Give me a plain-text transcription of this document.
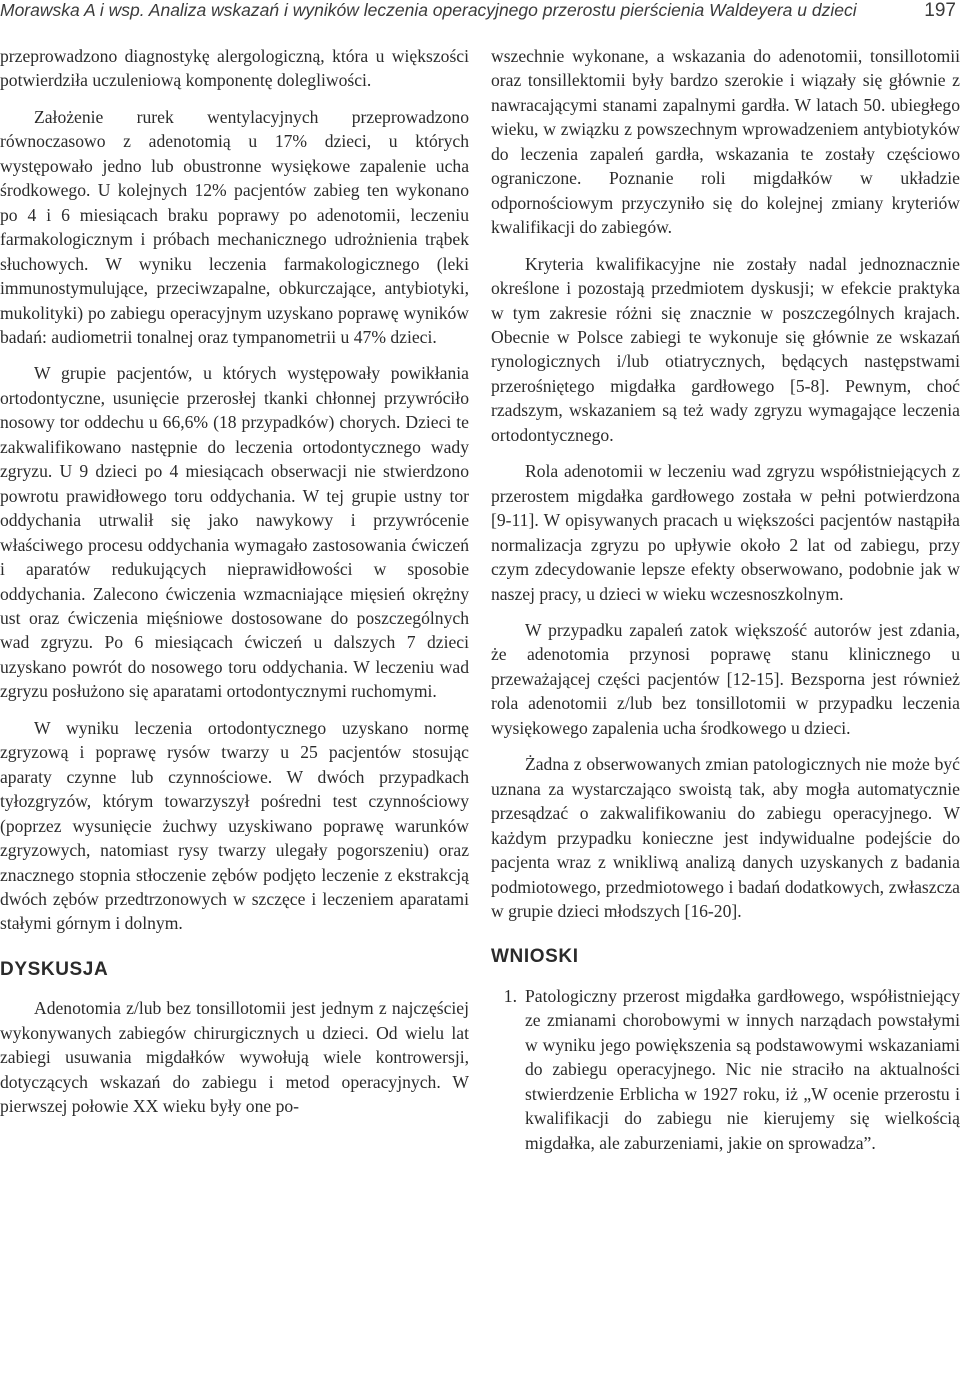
Morawska A i wsp. Analiza wskazań i wyników leczenia operacyjnego przerostu pierścienia Waldeyera u dzieci	197

przeprowadzono diagnostykę alergologiczną, która u większości potwierdziła uczuleniową komponentę dolegliwości.

Założenie rurek wentylacyjnych przeprowadzono równoczasowo z adenotomią u 17% dzieci, u których występowało jedno lub obustronne wysiękowe zapalenie ucha środkowego. U kolejnych 12% pacjentów zabieg ten wykonano po 4 i 6 miesiącach braku poprawy po adenotomii, leczeniu farmakologicznym i próbach mechanicznego udrożnienia trąbek słuchowych. W wyniku leczenia farmakologicznego (leki immunostymulujące, przeciwzapalne, obkurczające, antybiotyki, mukolityki) po zabiegu operacyjnym uzyskano poprawę wyników badań: audiometrii tonalnej oraz tympanometrii u 47% dzieci.

W grupie pacjentów, u których występowały powikłania ortodontyczne, usunięcie przerosłej tkanki chłonnej przywróciło nosowy tor oddechu u 66,6% (18 przypadków) chorych. Dzieci te zakwalifikowano następnie do leczenia ortodontycznego wady zgryzu. U 9 dzieci po 4 miesiącach obserwacji nie stwierdzono powrotu prawidłowego toru oddychania. W tej grupie ustny tor oddychania utrwalił się jako nawykowy i przywrócenie właściwego procesu oddychania wymagało zastosowania ćwiczeń i aparatów redukujących nieprawidłowości w sposobie oddychania. Zalecono ćwiczenia wzmacniające mięsień okrężny ust oraz ćwiczenia mięśniowe dostosowane do poszczególnych wad zgryzu. Po 6 miesiącach ćwiczeń u dalszych 7 dzieci uzyskano powrót do nosowego toru oddychania. W leczeniu wad zgryzu posłużono się aparatami ortodontycznymi ruchomymi.

W wyniku leczenia ortodontycznego uzyskano normę zgryzową i poprawę rysów twarzy u 25 pacjentów stosując aparaty czynne lub czynnościowe. W dwóch przypadkach tyłozgryzów, którym towarzyszył pośredni test czynnościowy (poprzez wysunięcie żuchwy uzyskiwano poprawę warunków zgryzowych, natomiast rysy twarzy ulegały pogorszeniu) oraz znacznego stopnia stłoczenie zębów podjęto leczenie z ekstrakcją dwóch zębów przedtrzonowych w szczęce i leczeniem aparatami stałymi górnym i dolnym.

DYSKUSJA

Adenotomia z/lub bez tonsillotomii jest jednym z najczęściej wykonywanych zabiegów chirurgicznych u dzieci. Od wielu lat zabiegi usuwania migdałków wywołują wiele kontrowersji, dotyczących wskazań do zabiegu i metod operacyjnych. W pierwszej połowie XX wieku były one po-

wszechnie wykonane, a wskazania do adenotomii, tonsillotomii oraz tonsillektomii były bardzo szerokie i wiązały się głównie z nawracającymi stanami zapalnymi gardła. W latach 50. ubiegłego wieku, w związku z powszechnym wprowadzeniem antybiotyków do leczenia zapaleń gardła, wskazania te zostały częściowo ograniczone. Poznanie roli migdałków w układzie odpornościowym przyczyniło się do kolejnej zmiany kryteriów kwalifikacji do zabiegów.

Kryteria kwalifikacyjne nie zostały nadal jednoznacznie określone i pozostają przedmiotem dyskusji; w efekcie praktyka w tym zakresie różni się znacznie w poszczególnych krajach. Obecnie w Polsce zabiegi te wykonuje się głównie ze wskazań rynologicznych i/lub otiatrycznych, będących następstwami przerośniętego migdałka gardłowego [5-8]. Pewnym, choć rzadszym, wskazaniem są też wady zgryzu wymagające leczenia ortodontycznego.

Rola adenotomii w leczeniu wad zgryzu współistniejących z przerostem migdałka gardłowego została w pełni potwierdzona [9-11]. W opisywanych pracach u większości pacjentów nastąpiła normalizacja zgryzu po upływie około 2 lat od zabiegu, przy czym zdecydowanie lepsze efekty obserwowano, podobnie jak w naszej pracy, u dzieci w wieku wczesnoszkolnym.

W przypadku zapaleń zatok większość autorów jest zdania, że adenotomia przynosi poprawę stanu klinicznego u przeważającej części pacjentów [12-15]. Bezsporna jest również rola adenotomii z/lub bez tonsillotomii w przypadku leczenia wysiękowego zapalenia ucha środkowego u dzieci.

Żadna z obserwowanych zmian patologicznych nie może być uznana za wystarczająco swoistą tak, aby mogła automatycznie przesądzać o zakwalifikowaniu do zabiegu operacyjnego. W każdym przypadku konieczne jest indywidualne podejście do pacjenta wraz z wnikliwą analizą danych uzyskanych z badania podmiotowego, przedmiotowego i badań dodatkowych, zwłaszcza w grupie dzieci młodszych [16-20].

WNIOSKI
1. Patologiczny przerost migdałka gardłowego, współistniejący ze zmianami chorobowymi w innych narządach powstałymi w wyniku jego powiększenia są podstawowymi wskazaniami do zabiegu operacyjnego. Nic nie straciło na aktualności stwierdzenie Erblicha w 1927 roku, iż „W ocenie przerostu i kwalifikacji do zabiegu nie kierujemy się wielkością migdałka, ale zaburzeniami, jakie on sprowadza”.
